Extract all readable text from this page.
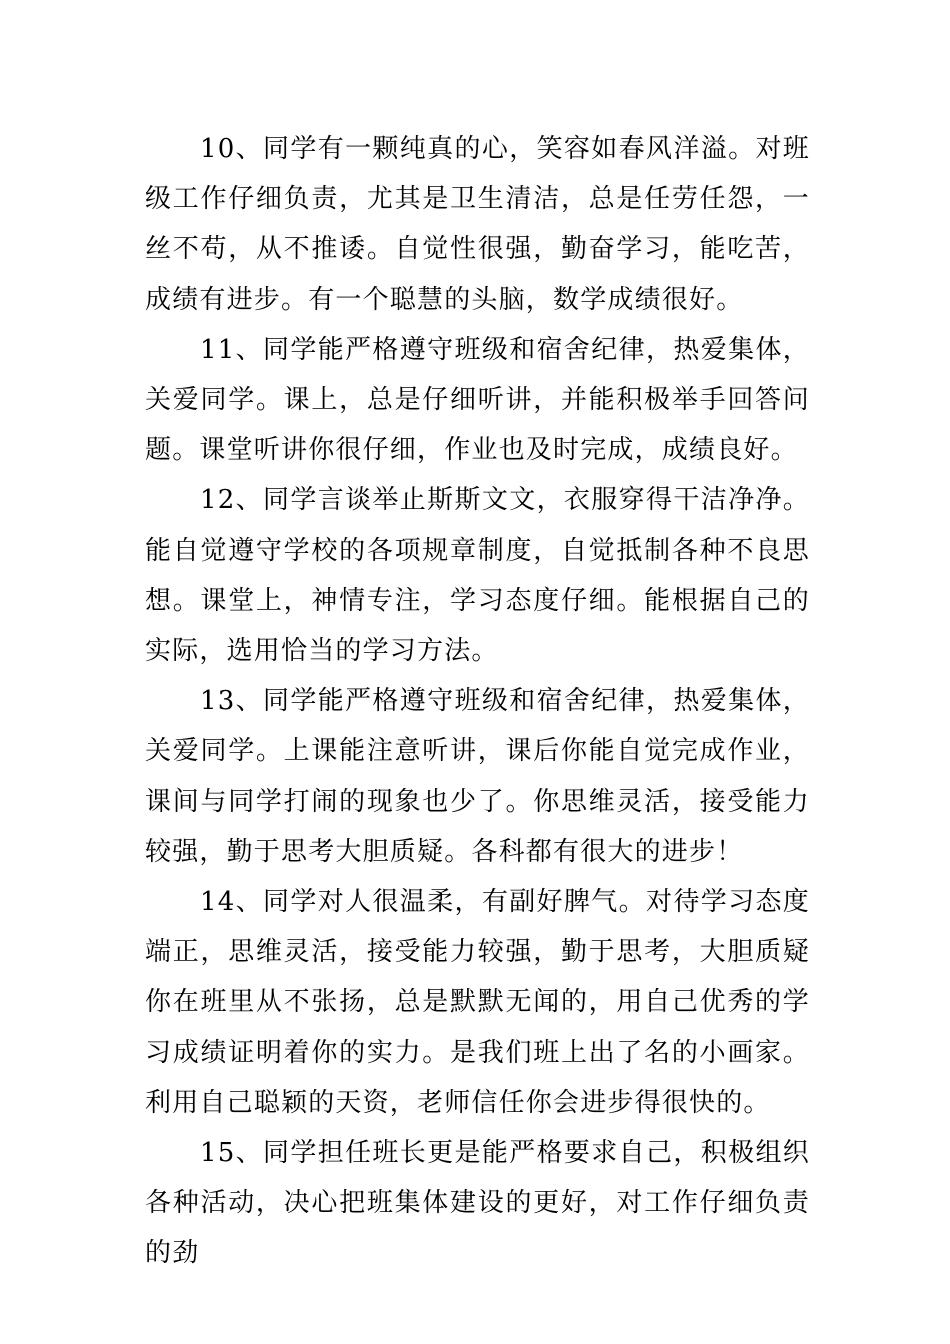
10、同学有一颗纯真的心，笑容如春风洋溢。对班级工作仔细负责，尤其是卫生清洁，总是任劳任怨，一丝不苟，从不推诿。自觉性很强，勤奋学习，能吃苦，成绩有进步。有一个聪慧的头脑，数学成绩很好。

11、同学能严格遵守班级和宿舍纪律，热爱集体，关爱同学。课上，总是仔细听讲，并能积极举手回答问题。课堂听讲你很仔细，作业也及时完成，成绩良好。

12、同学言谈举止斯斯文文，衣服穿得干洁净净。能自觉遵守学校的各项规章制度，自觉抵制各种不良思想。课堂上，神情专注，学习态度仔细。能根据自己的实际，选用恰当的学习方法。

13、同学能严格遵守班级和宿舍纪律，热爱集体，关爱同学。上课能注意听讲，课后你能自觉完成作业，课间与同学打闹的现象也少了。你思维灵活，接受能力较强，勤于思考大胆质疑。各科都有很大的进步！

14、同学对人很温柔，有副好脾气。对待学习态度端正，思维灵活，接受能力较强，勤于思考，大胆质疑你在班里从不张扬，总是默默无闻的，用自己优秀的学习成绩证明着你的实力。是我们班上出了名的小画家。利用自己聪颖的天资，老师信任你会进步得很快的。

15、同学担任班长更是能严格要求自己，积极组织各种活动，决心把班集体建设的更好，对工作仔细负责的劲
